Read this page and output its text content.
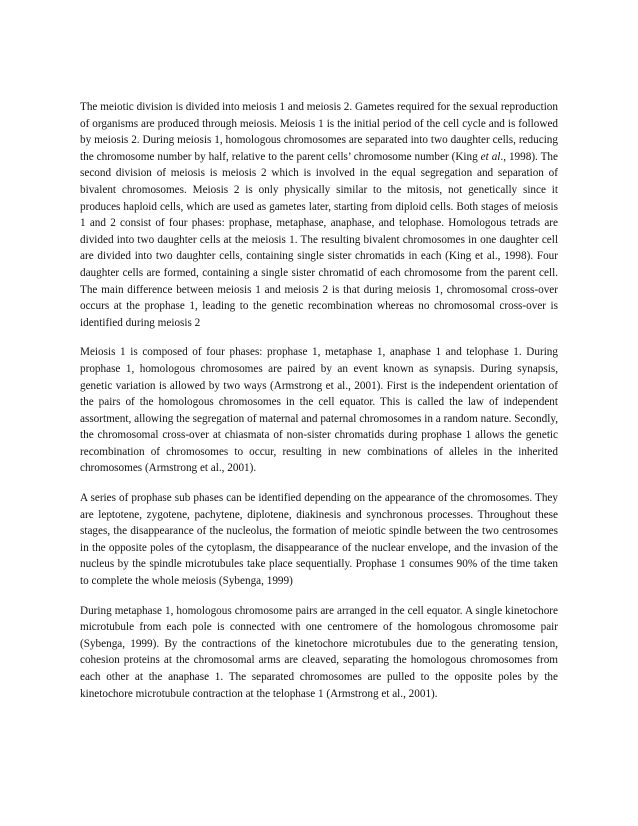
The meiotic division is divided into meiosis 1 and meiosis 2. Gametes required for the sexual reproduction of organisms are produced through meiosis. Meiosis 1 is the initial period of the cell cycle and is followed by meiosis 2. During meiosis 1, homologous chromosomes are separated into two daughter cells, reducing the chromosome number by half, relative to the parent cells’ chromosome number (King et al., 1998). The second division of meiosis is meiosis 2 which is involved in the equal segregation and separation of bivalent chromosomes. Meiosis 2 is only physically similar to the mitosis, not genetically since it produces haploid cells, which are used as gametes later, starting from diploid cells. Both stages of meiosis 1 and 2 consist of four phases: prophase, metaphase, anaphase, and telophase. Homologous tetrads are divided into two daughter cells at the meiosis 1. The resulting bivalent chromosomes in one daughter cell are divided into two daughter cells, containing single sister chromatids in each (King et al., 1998). Four daughter cells are formed, containing a single sister chromatid of each chromosome from the parent cell. The main difference between meiosis 1 and meiosis 2 is that during meiosis 1, chromosomal cross-over occurs at the prophase 1, leading to the genetic recombination whereas no chromosomal cross-over is identified during meiosis 2

Meiosis 1 is composed of four phases: prophase 1, metaphase 1, anaphase 1 and telophase 1. During prophase 1, homologous chromosomes are paired by an event known as synapsis. During synapsis, genetic variation is allowed by two ways (Armstrong et al., 2001). First is the independent orientation of the pairs of the homologous chromosomes in the cell equator. This is called the law of independent assortment, allowing the segregation of maternal and paternal chromosomes in a random nature. Secondly, the chromosomal cross-over at chiasmata of non-sister chromatids during prophase 1 allows the genetic recombination of chromosomes to occur, resulting in new combinations of alleles in the inherited chromosomes (Armstrong et al., 2001).

A series of prophase sub phases can be identified depending on the appearance of the chromosomes. They are leptotene, zygotene, pachytene, diplotene, diakinesis and synchronous processes. Throughout these stages, the disappearance of the nucleolus, the formation of meiotic spindle between the two centrosomes in the opposite poles of the cytoplasm, the disappearance of the nuclear envelope, and the invasion of the nucleus by the spindle microtubules take place sequentially. Prophase 1 consumes 90% of the time taken to complete the whole meiosis (Sybenga, 1999)

During metaphase 1, homologous chromosome pairs are arranged in the cell equator. A single kinetochore microtubule from each pole is connected with one centromere of the homologous chromosome pair (Sybenga, 1999). By the contractions of the kinetochore microtubules due to the generating tension, cohesion proteins at the chromosomal arms are cleaved, separating the homologous chromosomes from each other at the anaphase 1. The separated chromosomes are pulled to the opposite poles by the kinetochore microtubule contraction at the telophase 1 (Armstrong et al., 2001).
